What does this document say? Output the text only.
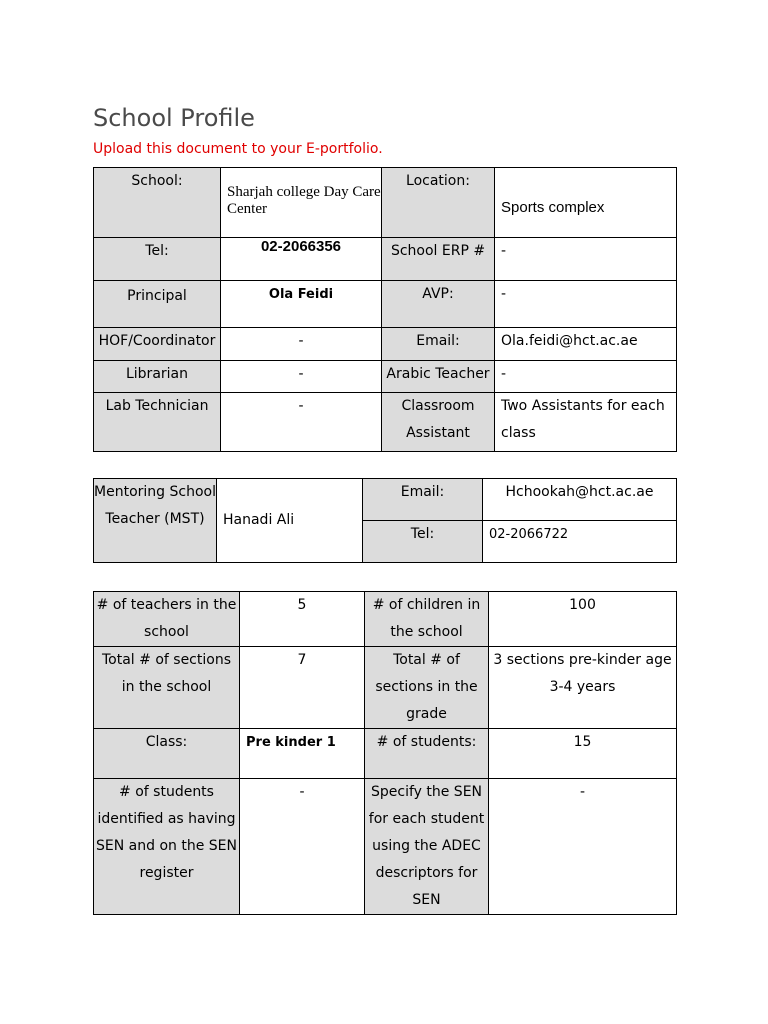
School Profile
Upload this document to your E-portfolio.
School:	Sharjah college Day Care Center	Location:	Sports complex

Tel:	02-2066356	School ERP #	-
Principal	Ola Feidi	AVP:	-
HOF/Coordinator	-	Email:	Ola.feidi@hct.ac.ae
Librarian	-	Arabic Teacher	-
Lab Technician	-	Classroom Assistant	Two Assistants for each class
Mentoring School Teacher (MST)	Hanadi Ali	Email:	Hchookah@hct.ac.ae
		Tel:	02-2066722
# of teachers in the school	5	# of children in the school	100
Total # of sections in the school	7	Total # of sections in the grade	3 sections pre-kinder age 3-4 years
Class:	Pre kinder 1	# of students:	15
# of students identified as having SEN and on the SEN register	-	Specify the SEN for each student using the ADEC descriptors for SEN	-
